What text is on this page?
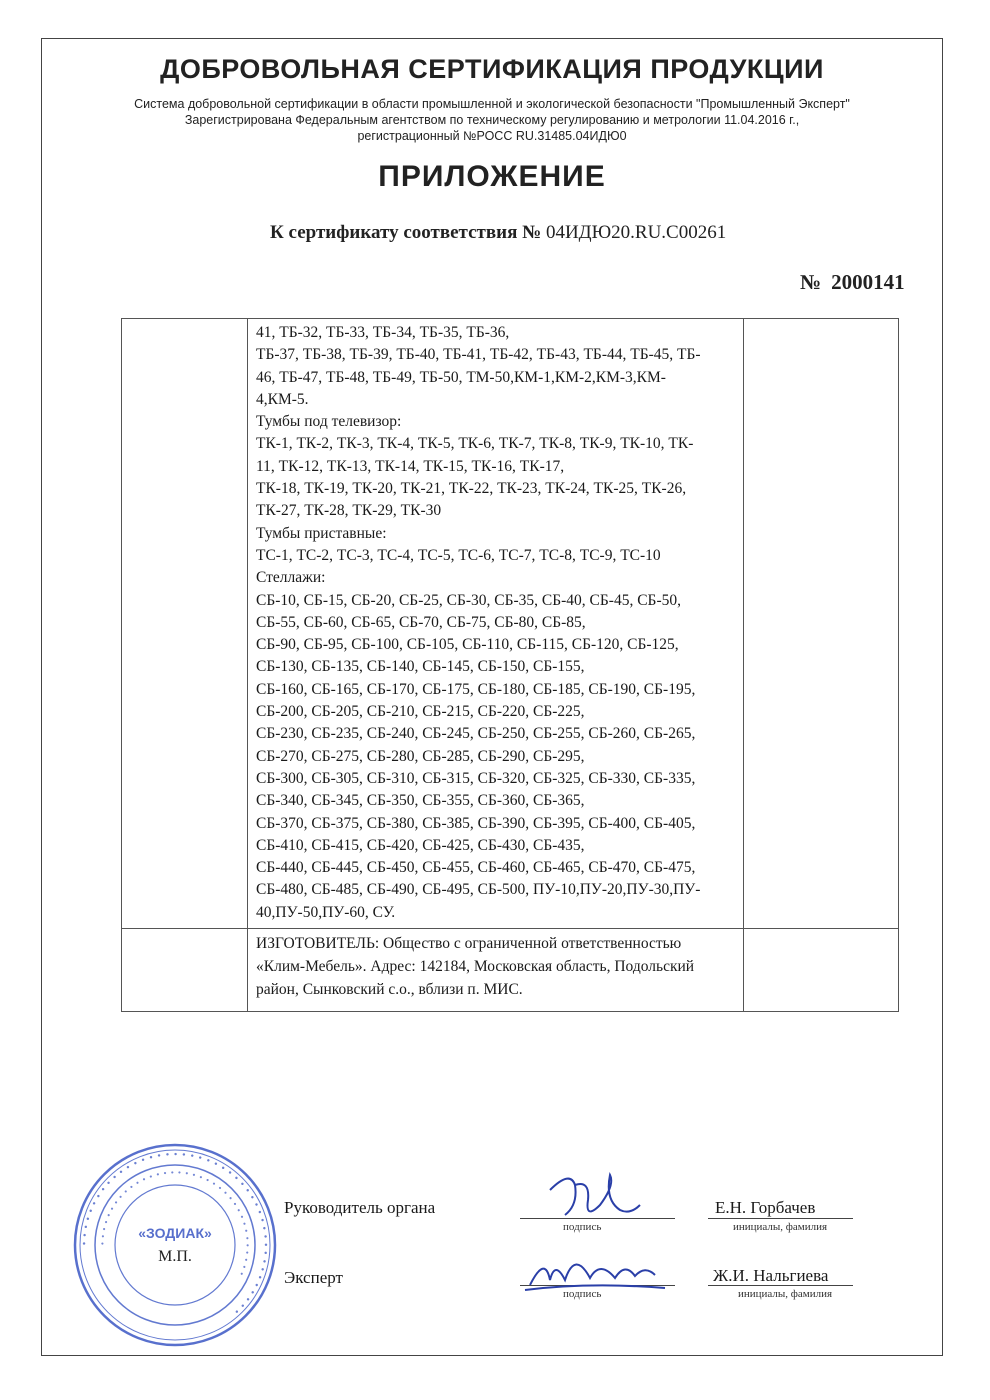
ДОБРОВОЛЬНАЯ СЕРТИФИКАЦИЯ ПРОДУКЦИИ
Система добровольной сертификации в области промышленной и экологической безопасности "Промышленный Эксперт"
Зарегистрирована Федеральным агентством по техническому регулированию и метрологии 11.04.2016 г.,
регистрационный №РОСС RU.31485.04ИДЮ0
ПРИЛОЖЕНИЕ
К сертификату соответствия № 04ИДЮ20.RU.С00261
№ 2000141
41, ТБ-32, ТБ-33, ТБ-34, ТБ-35, ТБ-36,
ТБ-37, ТБ-38, ТБ-39, ТБ-40, ТБ-41, ТБ-42, ТБ-43, ТБ-44, ТБ-45, ТБ-
46, ТБ-47, ТБ-48, ТБ-49, ТБ-50, ТМ-50,КМ-1,КМ-2,КМ-3,КМ-
4,КМ-5.
Тумбы под телевизор:
ТК-1, ТК-2, ТК-3, ТК-4, ТК-5, ТК-6, ТК-7, ТК-8, ТК-9, ТК-10, ТК-
11, ТК-12, ТК-13, ТК-14, ТК-15, ТК-16, ТК-17,
ТК-18, ТК-19, ТК-20, ТК-21, ТК-22, ТК-23, ТК-24, ТК-25, ТК-26,
ТК-27, ТК-28, ТК-29, ТК-30
Тумбы приставные:
ТС-1, ТС-2, ТС-3, ТС-4, ТС-5, ТС-6, ТС-7, ТС-8, ТС-9, ТС-10
Стеллажи:
СБ-10, СБ-15, СБ-20, СБ-25, СБ-30, СБ-35, СБ-40, СБ-45, СБ-50,
СБ-55, СБ-60, СБ-65, СБ-70, СБ-75, СБ-80, СБ-85,
СБ-90, СБ-95, СБ-100, СБ-105, СБ-110, СБ-115, СБ-120, СБ-125,
СБ-130, СБ-135, СБ-140, СБ-145, СБ-150, СБ-155,
СБ-160, СБ-165, СБ-170, СБ-175, СБ-180, СБ-185, СБ-190, СБ-195,
СБ-200, СБ-205, СБ-210, СБ-215, СБ-220, СБ-225,
СБ-230, СБ-235, СБ-240, СБ-245, СБ-250, СБ-255, СБ-260, СБ-265,
СБ-270, СБ-275, СБ-280, СБ-285, СБ-290, СБ-295,
СБ-300, СБ-305, СБ-310, СБ-315, СБ-320, СБ-325, СБ-330, СБ-335,
СБ-340, СБ-345, СБ-350, СБ-355, СБ-360, СБ-365,
СБ-370, СБ-375, СБ-380, СБ-385, СБ-390, СБ-395, СБ-400, СБ-405,
СБ-410, СБ-415, СБ-420, СБ-425, СБ-430, СБ-435,
СБ-440, СБ-445, СБ-450, СБ-455, СБ-460, СБ-465, СБ-470, СБ-475,
СБ-480, СБ-485, СБ-490, СБ-495, СБ-500, ПУ-10,ПУ-20,ПУ-30,ПУ-
40,ПУ-50,ПУ-60, СУ.
ИЗГОТОВИТЕЛЬ: Общество с ограниченной ответственностью
«Клим-Мебель». Адрес: 142184, Московская область, Подольский
район, Сынковский с.о., вблизи п. МИС.
• • • • • • • • • • • • • • • • • • • • • • • • • • • • • • • • • • • • • • • • • • • •
• • • • • • • • • • • • • • • • • • • • • • • • • • • • • • • • • • • •
«ЗОДИАК»
М.П.
Руководитель органа
Эксперт
подпись
подпись
Е.Н. Горбачев
Ж.И. Нальгиева
инициалы, фамилия
инициалы, фамилия
